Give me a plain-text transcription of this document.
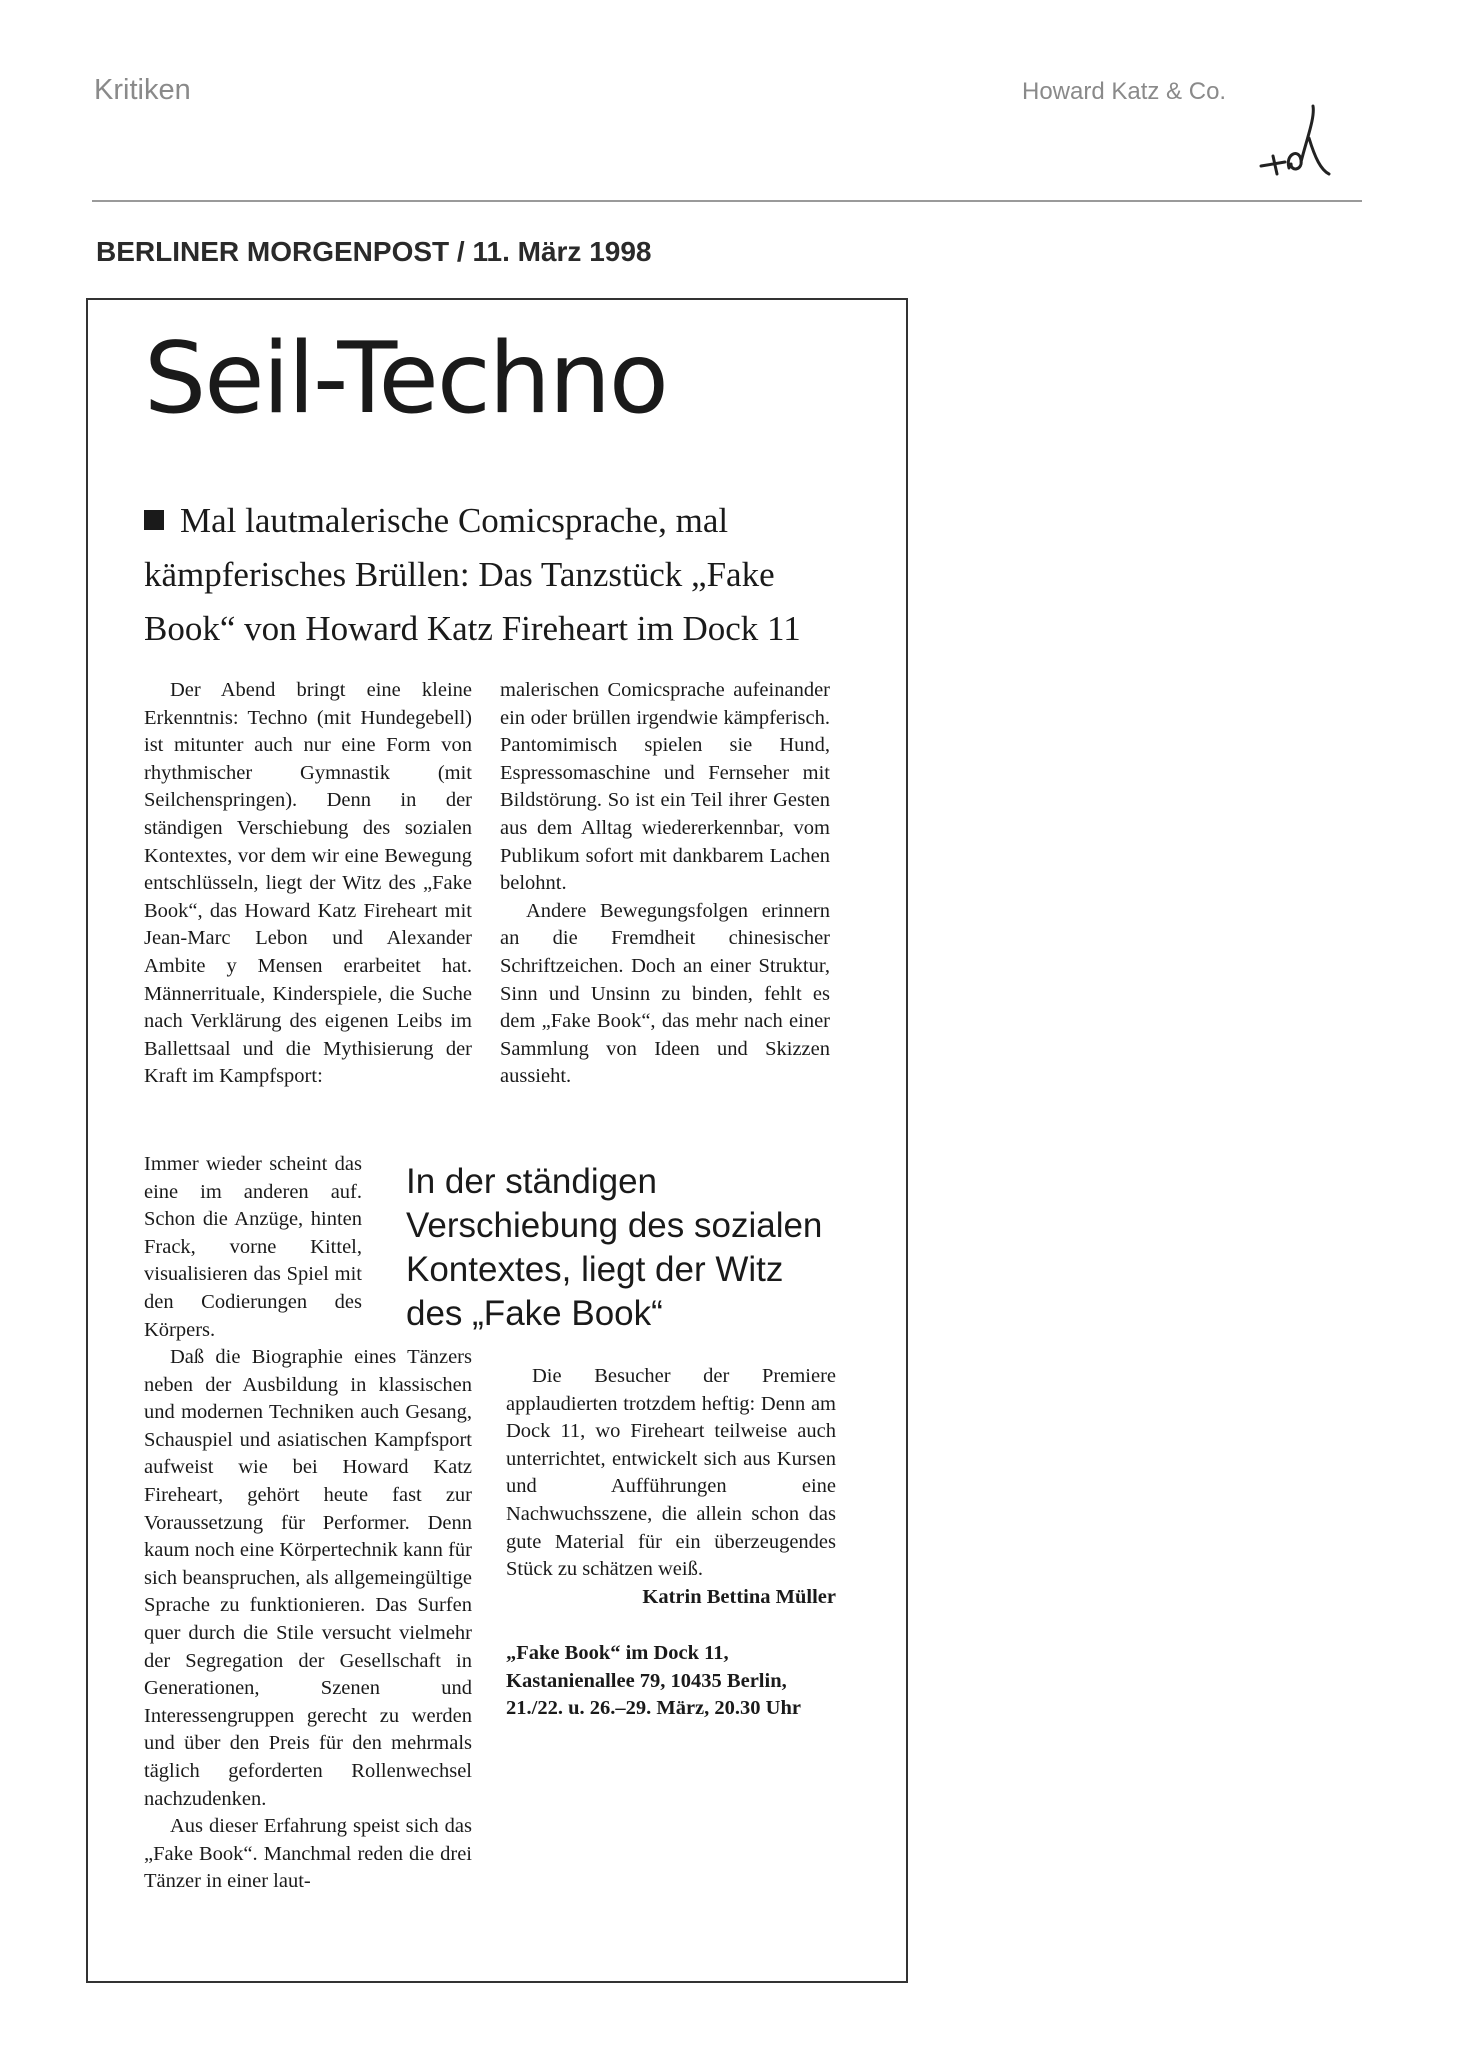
Kritiken	Howard Katz & Co.
BERLINER MORGENPOST / 11. März 1998
Seil-Techno
Mal lautmalerische Comicsprache, mal kämpferisches Brüllen: Das Tanzstück „Fake Book“ von Howard Katz Fireheart im Dock 11

Der Abend bringt eine kleine Erkenntnis: Techno (mit Hundegebell) ist mitunter auch nur eine Form von rhythmischer Gymnastik (mit Seilchenspringen). Denn in der ständigen Verschiebung des sozialen Kontextes, vor dem wir eine Bewegung entschlüsseln, liegt der Witz des „Fake Book“, das Howard Katz Fireheart mit Jean-Marc Lebon und Alexander Ambite y Mensen erarbeitet hat. Männerrituale, Kinderspiele, die Suche nach Verklärung des eigenen Leibs im Ballettsaal und die Mythisierung der Kraft im Kampfsport:

Immer wieder scheint das eine im anderen auf. Schon die Anzüge, hinten Frack, vorne Kittel, visualisieren das Spiel mit den Codierungen des Körpers.

Daß die Biographie eines Tänzers neben der Ausbildung in klassischen und modernen Techniken auch Gesang, Schauspiel und asiatischen Kampfsport aufweist wie bei Howard Katz Fireheart, gehört heute fast zur Voraussetzung für Performer. Denn kaum noch eine Körpertechnik kann für sich beanspruchen, als allgemeingültige Sprache zu funktionieren. Das Surfen quer durch die Stile versucht vielmehr der Segregation der Gesellschaft in Generationen, Szenen und Interessengruppen gerecht zu werden und über den Preis für den mehrmals täglich geforderten Rollenwechsel nachzudenken.

Aus dieser Erfahrung speist sich das „Fake Book“. Manchmal reden die drei Tänzer in einer laut-

malerischen Comicsprache aufeinander ein oder brüllen irgendwie kämpferisch. Pantomimisch spielen sie Hund, Espressomaschine und Fernseher mit Bildstörung. So ist ein Teil ihrer Gesten aus dem Alltag wiedererkennbar, vom Publikum sofort mit dankbarem Lachen belohnt.

Andere Bewegungsfolgen erinnern an die Fremdheit chinesischer Schriftzeichen. Doch an einer Struktur, Sinn und Unsinn zu binden, fehlt es dem „Fake Book“, das mehr nach einer Sammlung von Ideen und Skizzen aussieht.

In der ständigen Verschiebung des sozialen Kontextes, liegt der Witz des „Fake Book“

Die Besucher der Premiere applaudierten trotzdem heftig: Denn am Dock 11, wo Fireheart teilweise auch unterrichtet, entwickelt sich aus Kursen und Aufführungen eine Nachwuchsszene, die allein schon das gute Material für ein überzeugendes Stück zu schätzen weiß.

Katrin Bettina Müller
„Fake Book“ im Dock 11, Kastanienallee 79, 10435 Berlin, 21./22. u. 26.–29. März, 20.30 Uhr
